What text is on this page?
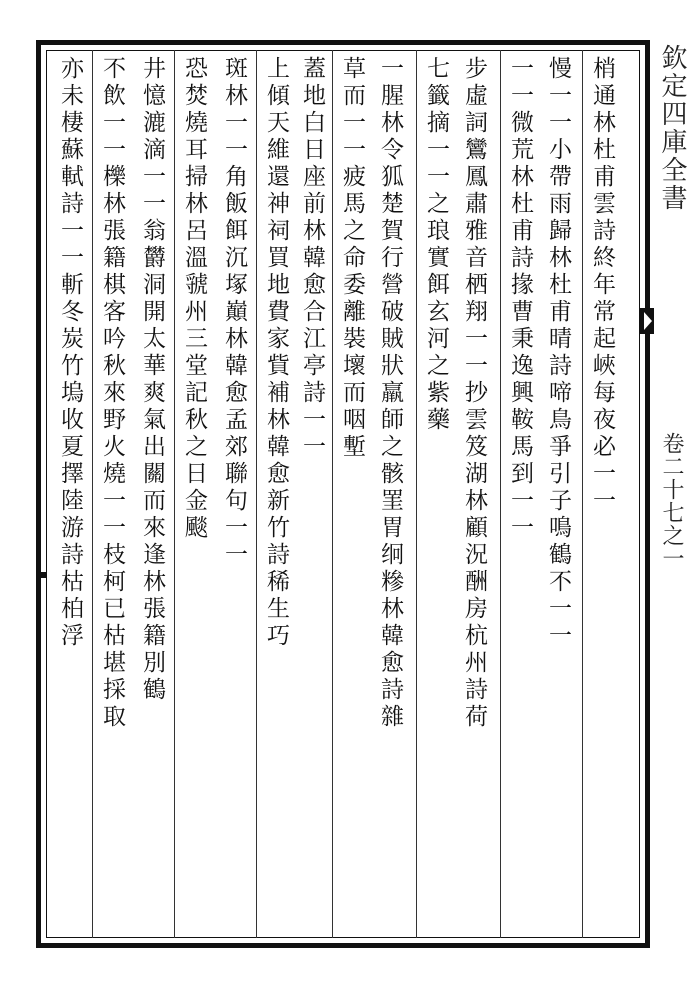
欽定四庫全書
卷二十七之一
梢通林杜甫雲詩終年常起峽每夜必一一
慢一一小帶雨歸林杜甫晴詩啼鳥爭引子鳴鶴不一一
一一微荒林杜甫詩掾曹秉逸興鞍馬到一一
步虛詞鸞鳳肅雅音栖翔一一抄雲笈湖林顧況酬房杭州詩荷
七籤摘一一之琅實餌玄河之紫藥
一腥林令狐楚賀行營破賊狀羸師之骸罣胃䌹糝林韓愈詩雜
草而一一疲馬之命委離裝壞而咽塹
蓋地白日座前林韓愈合江亭詩一一
上傾天維還神祠買地費家貲補林韓愈新竹詩稀生巧
斑林一一角飯餌沉塚巔林韓愈孟郊聯句一一
恐焚燒耳掃林呂溫虢州三堂記秋之日金颷
井憶漉滴一一翁欝洞開太華爽氣出關而來逢林張籍別鶴
不飲一一櫟林張籍棋客吟秋來野火燒一一枝柯已枯堪採取
亦未棲蘇軾詩一一斬冬炭竹塢收夏擇陸游詩枯柏浮
